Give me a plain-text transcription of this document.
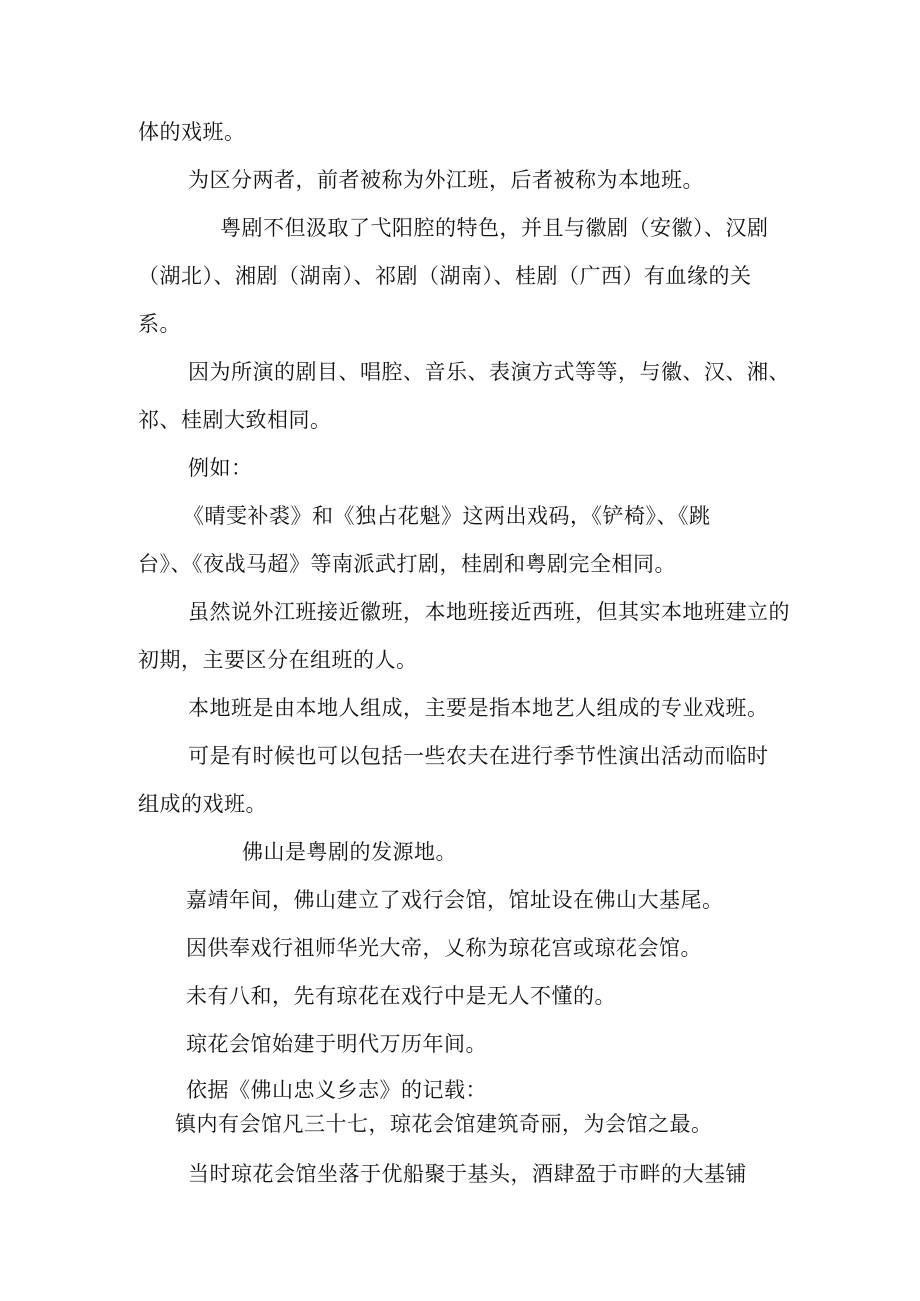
体的戏班。
为区分两者，前者被称为外江班，后者被称为本地班。
粤剧不但汲取了弋阳腔的特色，并且与徽剧（安徽）、汉剧
（湖北）、湘剧（湖南）、祁剧（湖南）、桂剧（广西）有血缘的关
系。
因为所演的剧目、唱腔、音乐、表演方式等等，与徽、汉、湘、
祁、桂剧大致相同。
例如：
《晴雯补裘》和《独占花魁》这两出戏码，《铲椅》、《跳
台》、《夜战马超》等南派武打剧，桂剧和粤剧完全相同。
虽然说外江班接近徽班，本地班接近西班，但其实本地班建立的
初期，主要区分在组班的人。
本地班是由本地人组成，主要是指本地艺人组成的专业戏班。
可是有时候也可以包括一些农夫在进行季节性演出活动而临时
组成的戏班。
佛山是粤剧的发源地。
嘉靖年间，佛山建立了戏行会馆，馆址设在佛山大基尾。
因供奉戏行祖师华光大帝，乂称为琼花宫或琼花会馆。
未有八和，先有琼花在戏行中是无人不懂的。
琼花会馆始建于明代万历年间。
依据《佛山忠义乡志》的记载：
镇内有会馆凡三十七，琼花会馆建筑奇丽，为会馆之最。
当时琼花会馆坐落于优船聚于基头，酒肆盈于市畔的大基铺
